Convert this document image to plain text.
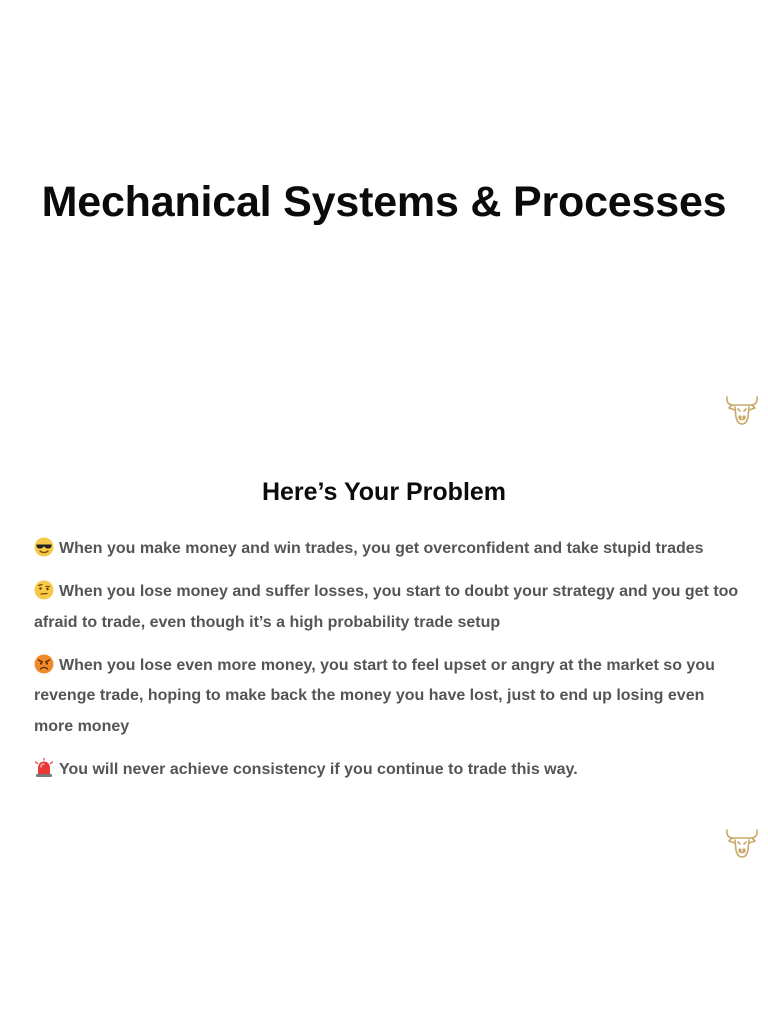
Mechanical Systems & Processes
Here’s Your Problem
When you make money and win trades, you get overconfident and take stupid trades
When you lose money and suffer losses, you start to doubt your strategy and you get too afraid to trade, even though it’s a high probability trade setup
When you lose even more money, you start to feel upset or angry at the market so you revenge trade, hoping to make back the money you have lost, just to end up losing even more money
You will never achieve consistency if you continue to trade this way.
